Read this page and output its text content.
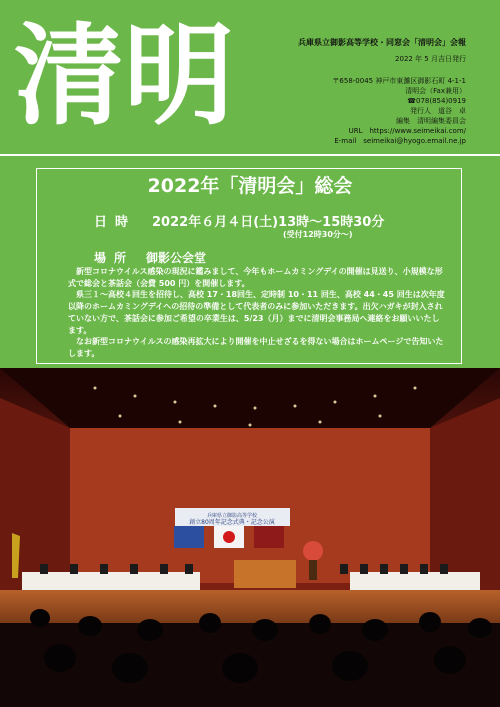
清明	兵庫県立御影高等学校・同窓会「清明会」会報
2022 年 5 月吉日発行
〒658-0045 神戸市東灘区御影石町 4-1-1
清明会（Fax兼用）
☎078(854)0919
発行人　道谷　卓
編集　清明編集委員会
URL　https://www.seimeikai.com/
E-mail　seimeikai@hyogo.email.ne.jp
2022年「清明会」総会
日時 2022年６月４日(土)13時〜15時30分
(受付12時30分〜)
場所 御影公会堂

　新型コロナウイルス感染の現況に鑑みまして、今年もホームカミングデイの開催は見送り、小規模な形式で総会と茶話会（会費 500 円）を開催します。

　県三１〜高校４回生を招待し、高校 17・18回生、定時制 10・11 回生、高校 44・45 回生は次年度以降のホームカミングデイへの招待の準備として代表者のみに参加いただきます。出欠ハガキが封入されていない方で、茶話会に参加ご希望の卒業生は、5/23（月）までに清明会事務局へ連絡をお願いいたします。

　なお新型コロナウイルスの感染再拡大により開催を中止せざるを得ない場合はホームページで告知いたします。

兵庫県立御影高等学校
創立80周年記念式典・記念公演
